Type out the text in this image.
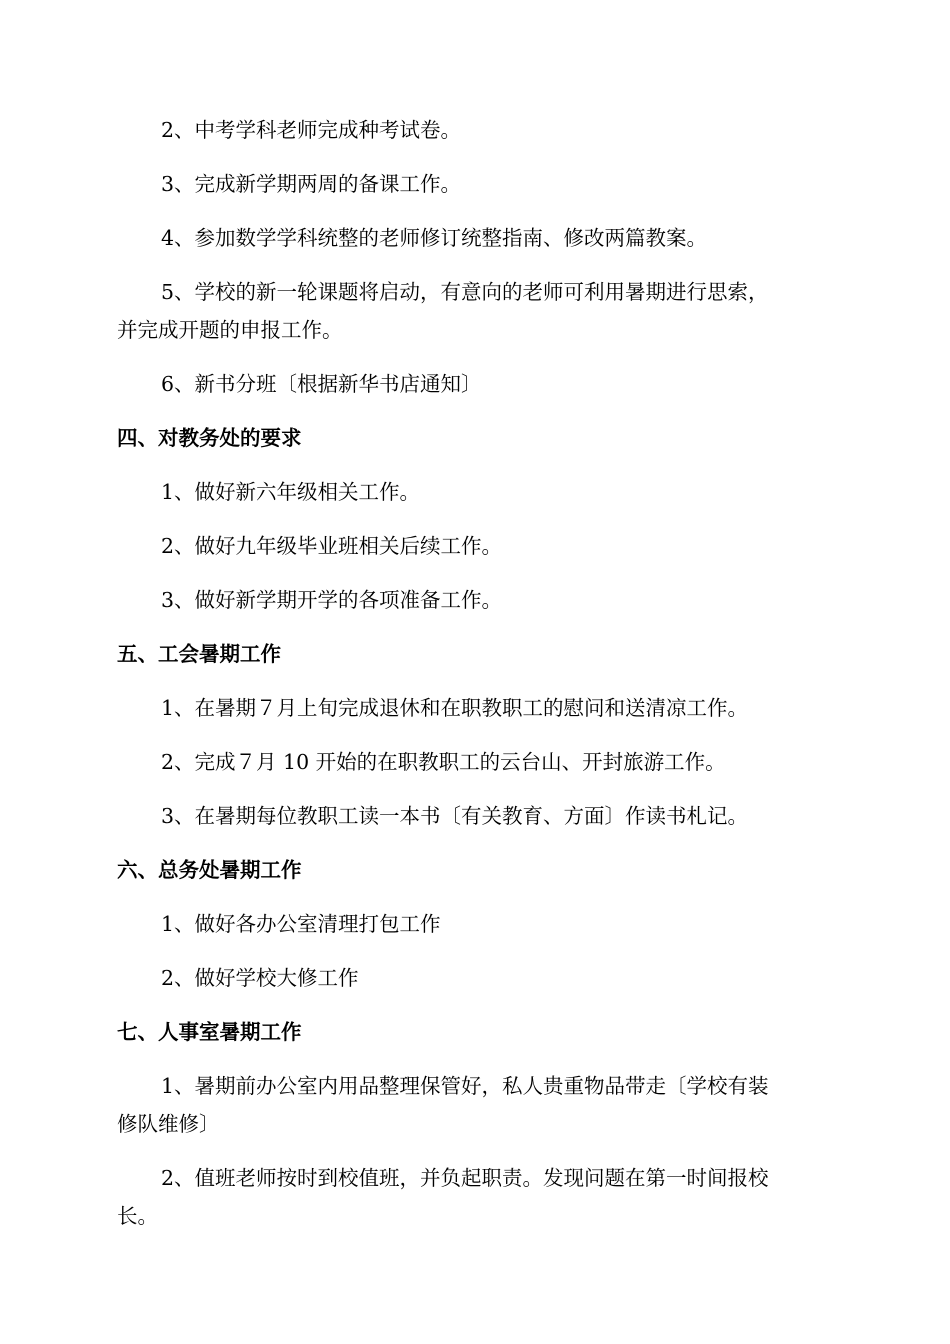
2、中考学科老师完成种考试卷。
3、完成新学期两周的备课工作。
4、参加数学学科统整的老师修订统整指南、修改两篇教案。
5、学校的新一轮课题将启动，有意向的老师可利用暑期进行思索，
并完成开题的申报工作。
6、新书分班〔根据新华书店通知〕
四、对教务处的要求
1、做好新六年级相关工作。
2、做好九年级毕业班相关后续工作。
3、做好新学期开学的各项准备工作。
五、工会暑期工作
1、在暑期７月上旬完成退休和在职教职工的慰问和送清凉工作。
2、完成７月 10 开始的在职教职工的云台山、开封旅游工作。
3、在暑期每位教职工读一本书〔有关教育、方面〕作读书札记。
六、总务处暑期工作
1、做好各办公室清理打包工作
2、做好学校大修工作
七、人事室暑期工作
1、暑期前办公室内用品整理保管好，私人贵重物品带走〔学校有装
修队维修〕
2、值班老师按时到校值班，并负起职责。发现问题在第一时间报校
长。
